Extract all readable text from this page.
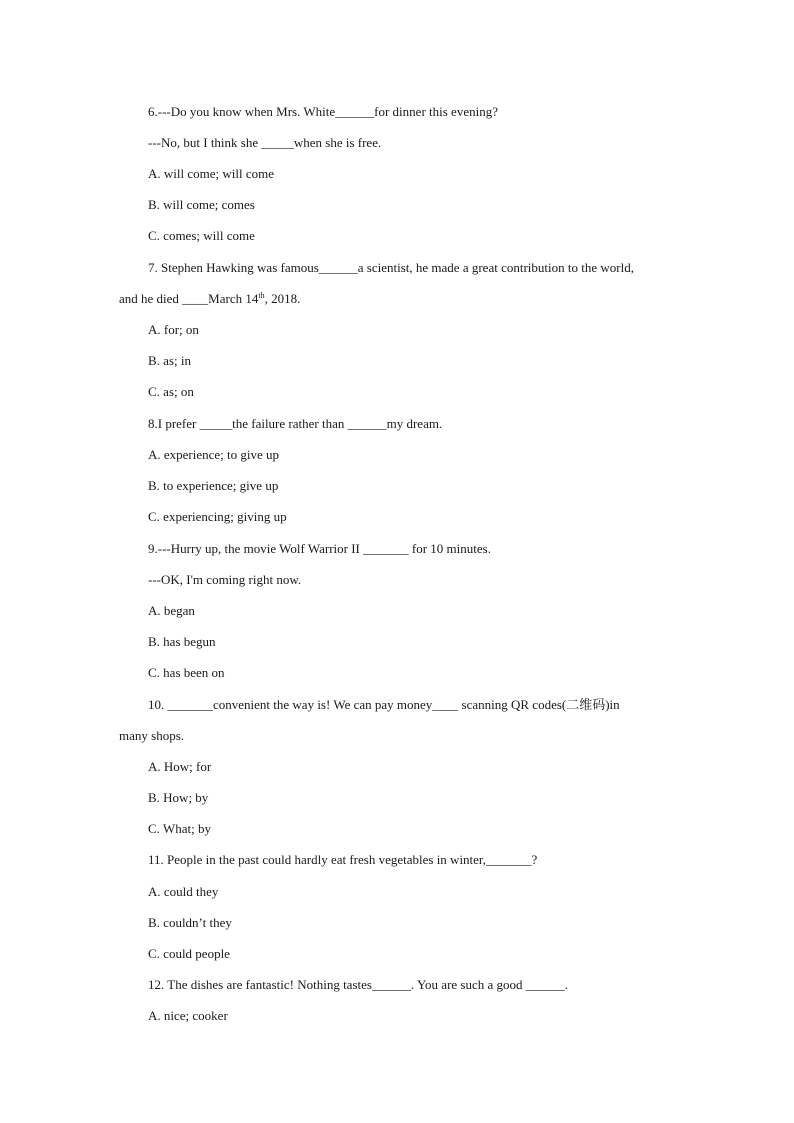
6.---Do you know when Mrs. White______for dinner this evening?
---No, but I think she _____when she is free.
A. will come; will come
B. will come; comes
C. comes; will come
7. Stephen Hawking was famous______a scientist, he made a great contribution to the world,
and he died ____March 14th, 2018.
A. for; on
B. as; in
C. as; on
8.I prefer _____the failure rather than ______my dream.
A. experience; to give up
B. to experience; give up
C. experiencing; giving up
9.---Hurry up, the movie Wolf Warrior II _______ for 10 minutes.
---OK, I'm coming right now.
A. began
B. has begun
C. has been on
10. _______convenient the way is! We can pay money____ scanning QR codes(二维码)in
many shops.
A. How; for
B. How; by
C. What; by
11. People in the past could hardly eat fresh vegetables in winter,_______?
A. could they
B. couldn’t they
C. could people
12. The dishes are fantastic! Nothing tastes______. You are such a good ______.
A. nice; cooker
